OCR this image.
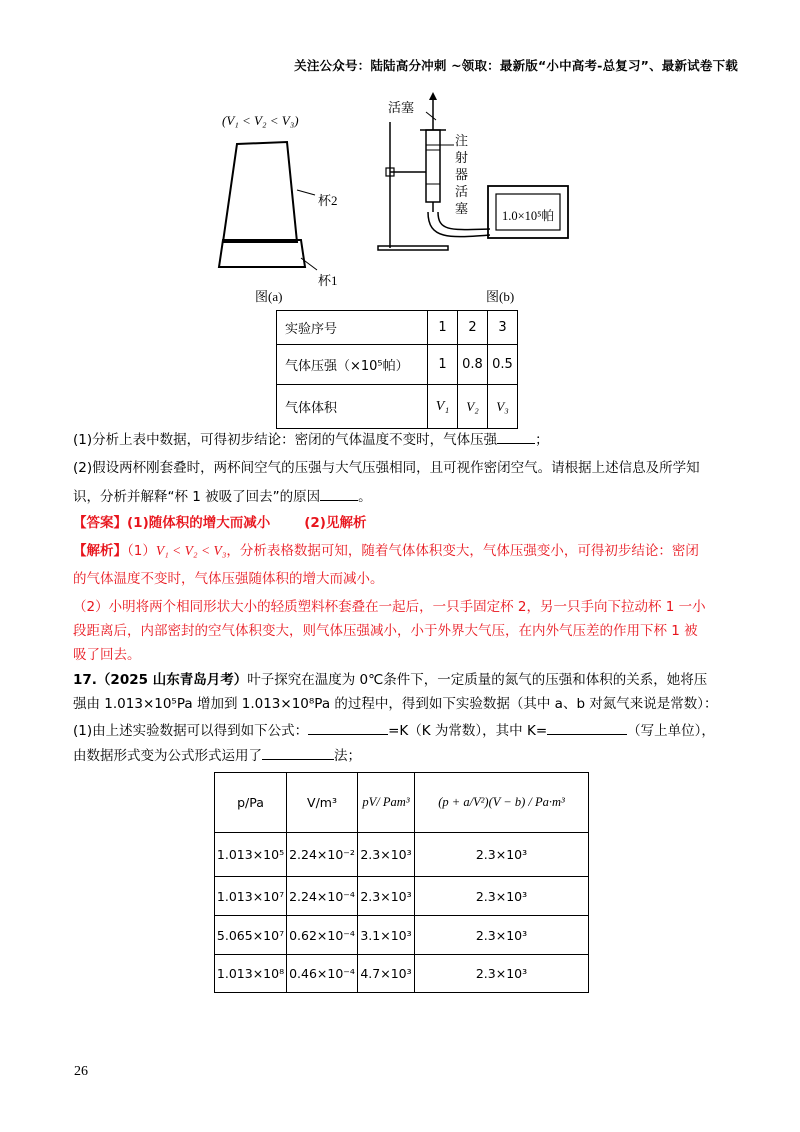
关注公众号：陆陆高分冲刺 ~领取：最新版“小中高考-总复习”、最新试卷下载
(V₁ < V₂ < V₃)
杯2
杯1
图(a)
活塞
注
射
器
活
塞	1.0×10⁵帕
图(b)
实验序号	1	2	3
气体压强（×10⁵帕）	1	0.8	0.5
气体体积	V₁	V₂	V₃
(1)分析上表中数据，可得初步结论：密闭的气体温度不变时，气体压强	；
(2)假设两杯刚套叠时，两杯间空气的压强与大气压强相同，且可视作密闭空气。请根据上述信息及所学知
识，分析并解释“杯 1 被吸了回去”的原因	。
【答案】(1)随体积的增大而减小	(2)见解析
【解析】（1）V₁ < V₂ < V₃，分析表格数据可知，随着气体体积变大，气体压强变小，可得初步结论：密闭
的气体温度不变时，气体压强随体积的增大而减小。
（2）小明将两个相同形状大小的轻质塑料杯套叠在一起后，一只手固定杯 2，另一只手向下拉动杯 1 一小
段距离后，内部密封的空气体积变大，则气体压强减小，小于外界大气压，在内外气压差的作用下杯 1 被
吸了回去。
17.（2025 山东青岛月考）叶子探究在温度为 0℃条件下，一定质量的氮气的压强和体积的关系，她将压
强由 1.013×10⁵Pa 增加到 1.013×10⁸Pa 的过程中，得到如下实验数据（其中 a、b 对氮气来说是常数）：
(1)由上述实验数据可以得到如下公式：	=K（K 为常数），其中 K=	（写上单位），
由数据形式变为公式形式运用了	法；
p/Pa	V/m³	pV/ Pam³	(p + a/V²)(V − b) / Pa·m³
1.013×10⁵	2.24×10⁻²	2.3×10³	2.3×10³
1.013×10⁷	2.24×10⁻⁴	2.3×10³	2.3×10³
5.065×10⁷	0.62×10⁻⁴	3.1×10³	2.3×10³
1.013×10⁸	0.46×10⁻⁴	4.7×10³	2.3×10³
26
